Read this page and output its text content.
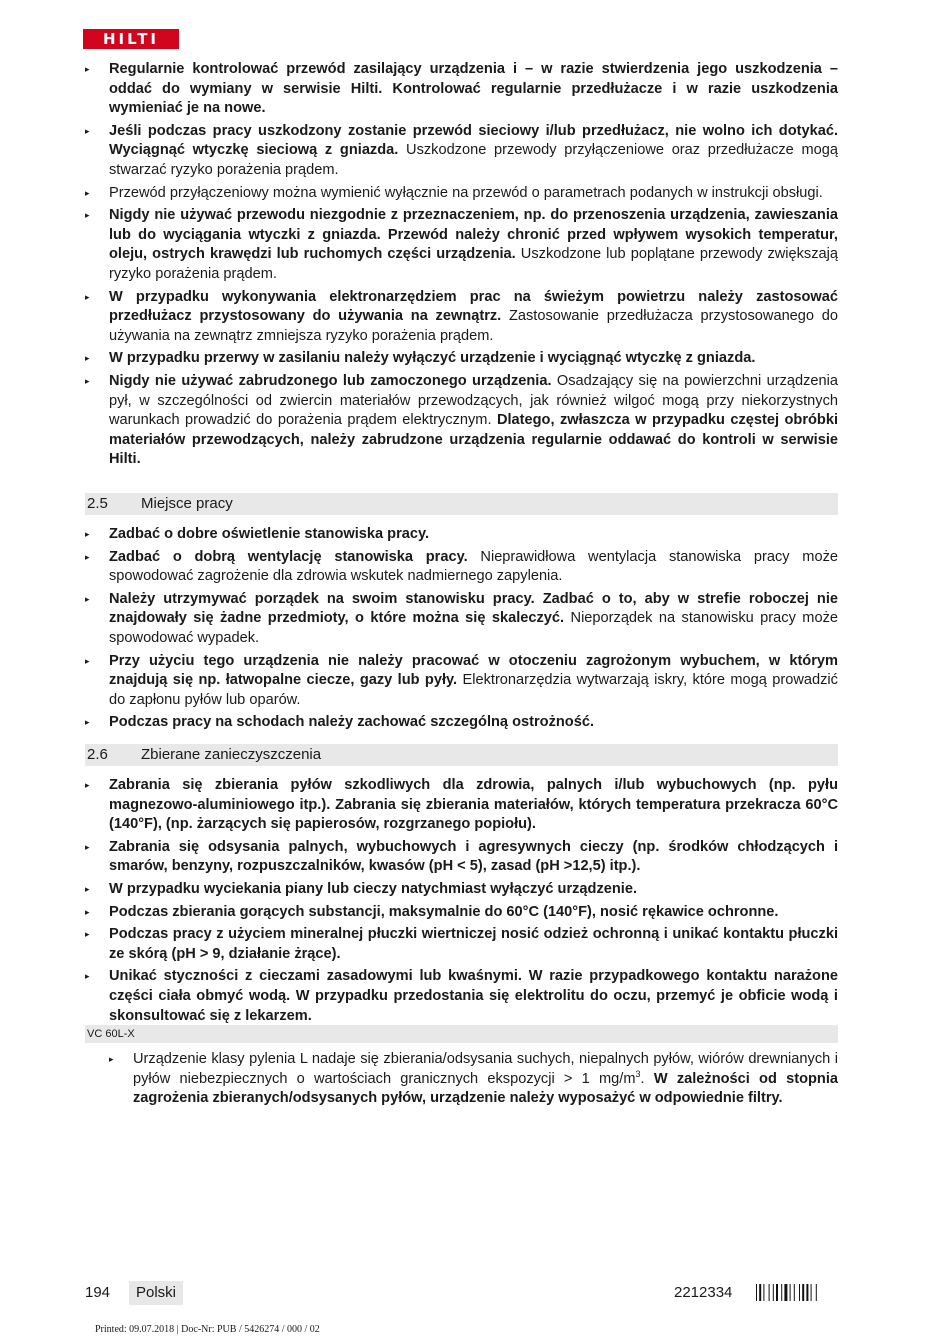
HILTI
▸	Regularnie kontrolować przewód zasilający urządzenia i – w razie stwierdzenia jego uszkodzenia – oddać do wymiany w serwisie Hilti. Kontrolować regularnie przedłużacze i w razie uszkodzenia wymieniać je na nowe.
▸	Jeśli podczas pracy uszkodzony zostanie przewód sieciowy i/lub przedłużacz, nie wolno ich dotykać. Wyciągnąć wtyczkę sieciową z gniazda. Uszkodzone przewody przyłączeniowe oraz przedłużacze mogą stwarzać ryzyko porażenia prądem.
▸	Przewód przyłączeniowy można wymienić wyłącznie na przewód o parametrach podanych w instrukcji obsługi.
▸	Nigdy nie używać przewodu niezgodnie z przeznaczeniem, np. do przenoszenia urządzenia, zawieszania lub do wyciągania wtyczki z gniazda. Przewód należy chronić przed wpływem wysokich temperatur, oleju, ostrych krawędzi lub ruchomych części urządzenia. Uszkodzone lub poplątane przewody zwiększają ryzyko porażenia prądem.
▸	W przypadku wykonywania elektronarzędziem prac na świeżym powietrzu należy zastosować przedłużacz przystosowany do używania na zewnątrz. Zastosowanie przedłużacza przystosowanego do używania na zewnątrz zmniejsza ryzyko porażenia prądem.
▸	W przypadku przerwy w zasilaniu należy wyłączyć urządzenie i wyciągnąć wtyczkę z gniazda.
▸	Nigdy nie używać zabrudzonego lub zamoczonego urządzenia. Osadzający się na powierzchni urządzenia pył, w szczególności od zwiercin materiałów przewodzących, jak również wilgoć mogą przy niekorzystnych warunkach prowadzić do porażenia prądem elektrycznym. Dlatego, zwłaszcza w przypadku częstej obróbki materiałów przewodzących, należy zabrudzone urządzenia regularnie oddawać do kontroli w serwisie Hilti.
2.5 Miejsce pracy
▸	Zadbać o dobre oświetlenie stanowiska pracy.
▸	Zadbać o dobrą wentylację stanowiska pracy. Nieprawidłowa wentylacja stanowiska pracy może spowodować zagrożenie dla zdrowia wskutek nadmiernego zapylenia.
▸	Należy utrzymywać porządek na swoim stanowisku pracy. Zadbać o to, aby w strefie roboczej nie znajdowały się żadne przedmioty, o które można się skaleczyć. Nieporządek na stanowisku pracy może spowodować wypadek.
▸	Przy użyciu tego urządzenia nie należy pracować w otoczeniu zagrożonym wybuchem, w którym znajdują się np. łatwopalne ciecze, gazy lub pyły. Elektronarzędzia wytwarzają iskry, które mogą prowadzić do zapłonu pyłów lub oparów.
▸	Podczas pracy na schodach należy zachować szczególną ostrożność.
2.6 Zbierane zanieczyszczenia
▸	Zabrania się zbierania pyłów szkodliwych dla zdrowia, palnych i/lub wybuchowych (np. pyłu magnezowo-aluminiowego itp.). Zabrania się zbierania materiałów, których temperatura przekracza 60°C (140°F), (np. żarzących się papierosów, rozgrzanego popiołu).
▸	Zabrania się odsysania palnych, wybuchowych i agresywnych cieczy (np. środków chłodzących i smarów, benzyny, rozpuszczalników, kwasów (pH < 5), zasad (pH >12,5) itp.).
▸	W przypadku wyciekania piany lub cieczy natychmiast wyłączyć urządzenie.
▸	Podczas zbierania gorących substancji, maksymalnie do 60°C (140°F), nosić rękawice ochronne.
▸	Podczas pracy z użyciem mineralnej płuczki wiertniczej nosić odzież ochronną i unikać kontaktu płuczki ze skórą (pH > 9, działanie żrące).
▸	Unikać styczności z cieczami zasadowymi lub kwaśnymi. W razie przypadkowego kontaktu narażone części ciała obmyć wodą. W przypadku przedostania się elektrolitu do oczu, przemyć je obficie wodą i skonsultować się z lekarzem.
VC 60L-X
▸	Urządzenie klasy pylenia L nadaje się zbierania/odsysania suchych, niepalnych pyłów, wiórów drewnianych i pyłów niebezpiecznych o wartościach granicznych ekspozycji > 1 $mg/m^3$. W zależności od stopnia zagrożenia zbieranych/odsysanych pyłów, urządzenie należy wyposażyć w odpowiednie filtry.
194	Polski	2212334
Printed: 09.07.2018 | Doc-Nr: PUB / 5426274 / 000 / 02
